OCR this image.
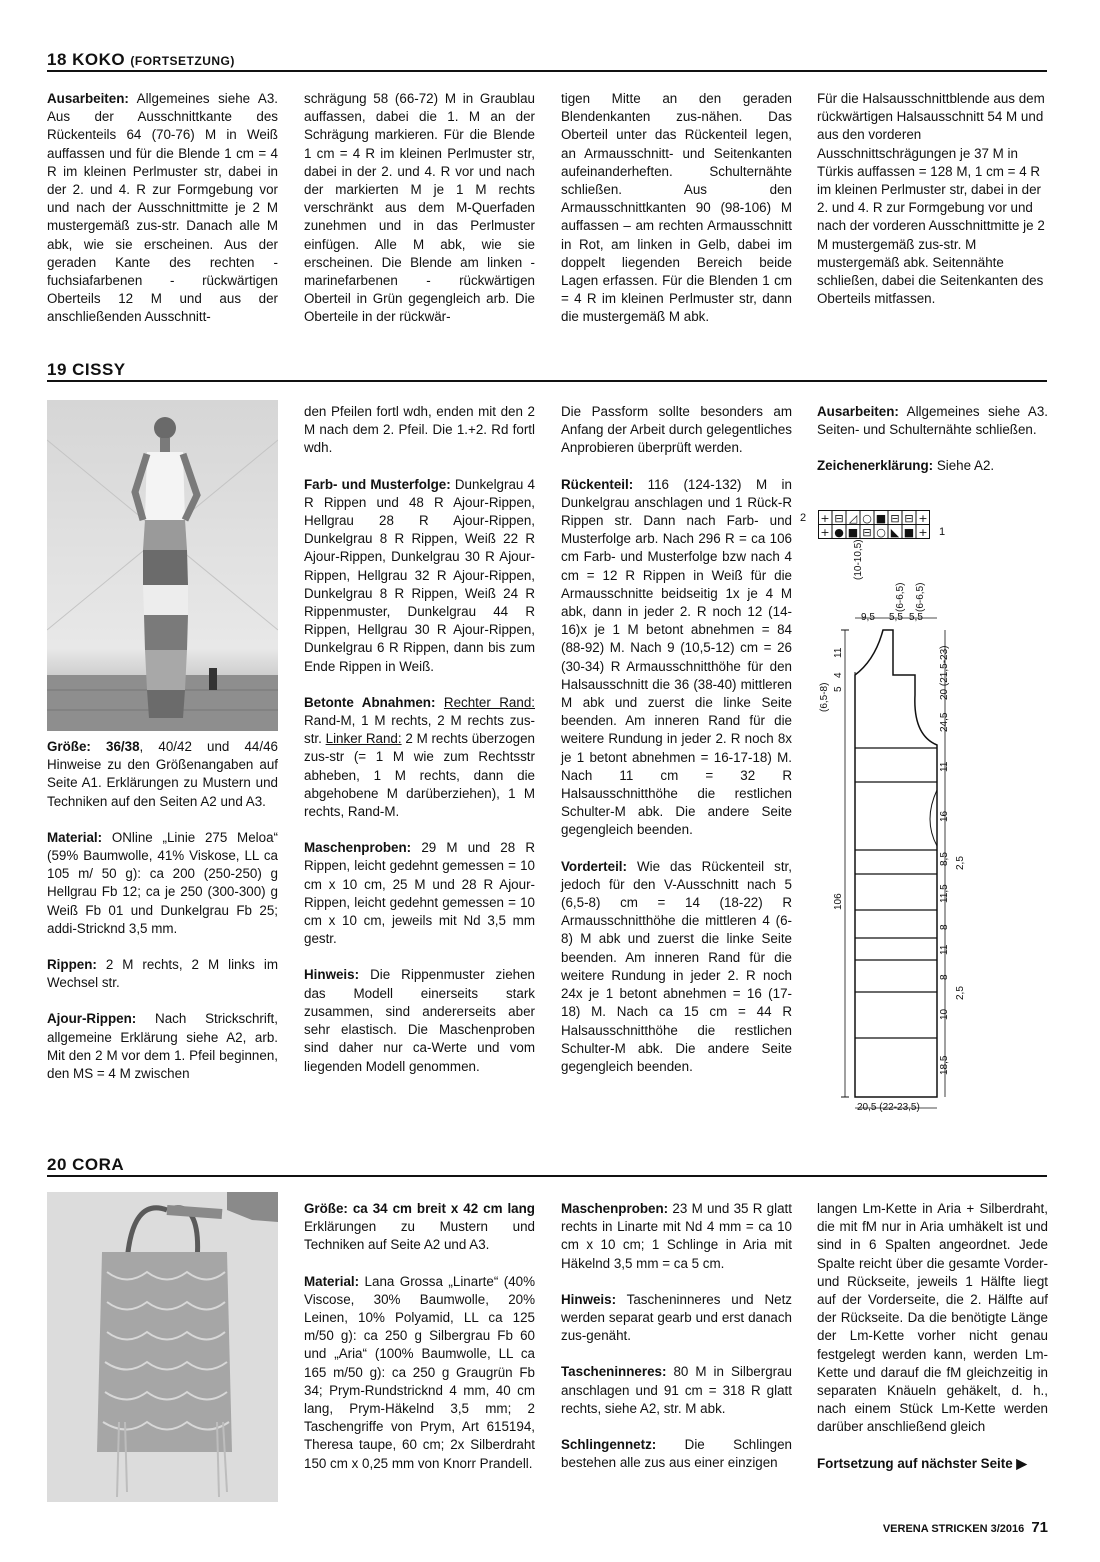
18 KOKO (FORTSETZUNG)
Ausarbeiten: Allgemeines siehe A3. Aus der Ausschnittkante des Rückenteils 64 (70-76) M in Weiß auffassen und für die Blende 1 cm = 4 R im kleinen Perlmuster str, dabei in der 2. und 4. R zur Formgebung vor und nach der Ausschnittmitte je 2 M mustergemäß zus-str. Danach alle M abk, wie sie erscheinen. Aus der geraden Kante des rechten - fuchsiafarbenen - rückwärtigen Oberteils 12 M und aus der anschließenden Ausschnitt-
schrägung 58 (66-72) M in Graublau auffassen, dabei die 1. M an der Schrägung markieren. Für die Blende 1 cm = 4 R im kleinen Perlmuster str, dabei in der 2. und 4. R vor und nach der markierten M je 1 M rechts verschränkt aus dem M-Querfaden zunehmen und in das Perlmuster einfügen. Alle M abk, wie sie erscheinen. Die Blende am linken - marinefarbenen - rückwärtigen Oberteil in Grün gegengleich arb. Die Oberteile in der rückwär-
tigen Mitte an den geraden Blendenkanten zus-nähen. Das Oberteil unter das Rückenteil legen, an Armausschnitt- und Seitenkanten aufeinanderheften. Schulternähte schließen. Aus den Armausschnittkanten 90 (98-106) M auffassen – am rechten Armausschnitt in Rot, am linken in Gelb, dabei im doppelt liegenden Bereich beide Lagen erfassen. Für die Blenden 1 cm = 4 R im kleinen Perlmuster str, dann die mustergemäß M abk.
Für die Halsausschnittblende aus dem rückwärtigen Halsausschnitt 54 M und aus den vorderen Ausschnittschrägungen je 37 M in Türkis auffassen = 128 M, 1 cm = 4 R im kleinen Perlmuster str, dabei in der 2. und 4. R zur Formgebung vor und nach der vorderen Ausschnittmitte je 2 M mustergemäß zus-str. M mustergemäß abk. Seitennähte schließen, dabei die Seitenkanten des Oberteils mitfassen.
19 CISSY

Größe: 36/38, 40/42 und 44/46 Hinweise zu den Größenangaben auf Seite A1. Erklärungen zu Mustern und Techniken auf den Seiten A2 und A3.

Material: ONline „Linie 275 Meloa“ (59% Baumwolle, 41% Viskose, LL ca 105 m/ 50 g): ca 200 (250-250) g Hellgrau Fb 12; ca je 250 (300-300) g Weiß Fb 01 und Dunkelgrau Fb 25; addi-Stricknd 3,5 mm.

Rippen: 2 M rechts, 2 M links im Wechsel str.

Ajour-Rippen: Nach Strickschrift, allgemeine Erklärung siehe A2, arb. Mit den 2 M vor dem 1. Pfeil beginnen, den MS = 4 M zwischen

den Pfeilen fortl wdh, enden mit den 2 M nach dem 2. Pfeil. Die 1.+2. Rd fortl wdh.

Farb- und Musterfolge: Dunkelgrau 4 R Rippen und 48 R Ajour-Rippen, Hellgrau 28 R Ajour-Rippen, Dunkelgrau 8 R Rippen, Weiß 22 R Ajour-Rippen, Dunkelgrau 30 R Ajour-Rippen, Hellgrau 32 R Ajour-Rippen, Dunkelgrau 8 R Rippen, Weiß 24 R Rippenmuster, Dunkelgrau 44 R Rippen, Hellgrau 30 R Ajour-Rippen, Dunkelgrau 6 R Rippen, dann bis zum Ende Rippen in Weiß.

Betonte Abnahmen: Rechter Rand: Rand-M, 1 M rechts, 2 M rechts zus-str. Linker Rand: 2 M rechts überzogen zus-str (= 1 M wie zum Rechtsstr abheben, 1 M rechts, dann die abgehobene M darüberziehen), 1 M rechts, Rand-M.

Maschenproben: 29 M und 28 R Rippen, leicht gedehnt gemessen = 10 cm x 10 cm, 25 M und 28 R Ajour-Rippen, leicht gedehnt gemessen = 10 cm x 10 cm, jeweils mit Nd 3,5 mm gestr.

Hinweis: Die Rippenmuster ziehen das Modell einerseits stark zusammen, sind andererseits aber sehr elastisch. Die Maschenproben sind daher nur ca-Werte und vom liegenden Modell genommen.

Die Passform sollte besonders am Anfang der Arbeit durch gelegentliches Anprobieren überprüft werden.

Rückenteil: 116 (124-132) M in Dunkelgrau anschlagen und 1 Rück-R Rippen str. Dann nach Farb- und Musterfolge arb. Nach 296 R = ca 106 cm Farb- und Musterfolge bzw nach 4 cm = 12 R Rippen in Weiß für die Armausschnitte beidseitig 1x je 4 M abk, dann in jeder 2. R noch 12 (14-16)x je 1 M betont abnehmen = 84 (88-92) M. Nach 9 (10,5-12) cm = 26 (30-34) R Armausschnitthöhe für den Halsausschnitt die 36 (38-40) mittleren M abk und zuerst die linke Seite beenden. Am inneren Rand für die weitere Rundung in jeder 2. R noch 8x je 1 betont abnehmen = 16-17-18) M. Nach 11 cm = 32 R Halsausschnitthöhe die restlichen Schulter-M abk. Die andere Seite gegengleich beenden.

Vorderteil: Wie das Rückenteil str, jedoch für den V-Ausschnitt nach 5 (6,5-8) cm = 14 (18-22) R Armausschnitthöhe die mittleren 4 (6-8) M abk und zuerst die linke Seite beenden. Am inneren Rand für die weitere Rundung in jeder 2. R noch 24x je 1 betont abnehmen = 16 (17-18) M. Nach ca 15 cm = 44 R Halsausschnitthöhe die restlichen Schulter-M abk. Die andere Seite gegengleich beenden.

Ausarbeiten: Allgemeines siehe A3. Seiten- und Schulternähte schließen.

Zeichenerklärung: Siehe A2.

2
1
+ ⊟ ◿ ○ ■ ⊟ ⊟ +
+ ● ■ ⊟ ○ ◣ ■ +
(10-10,5)
(6-6,5) (6-6,5)
9,5 5,5 5,5
(6,5-8) 5
4
11
106
20 (21,5-23)
24,5
11
16
8,5
11,5
8
11
8
10
18,5
2,5
2,5
20,5 (22-23,5)
20 CORA

Größe: ca 34 cm breit x 42 cm lang Erklärungen zu Mustern und Techniken auf Seite A2 und A3.

Material: Lana Grossa „Linarte“ (40% Viscose, 30% Baumwolle, 20% Leinen, 10% Polyamid, LL ca 125 m/50 g): ca 250 g Silbergrau Fb 60 und „Aria“ (100% Baumwolle, LL ca 165 m/50 g): ca 250 g Graugrün Fb 34; Prym-Rundstricknd 4 mm, 40 cm lang, Prym-Häkelnd 3,5 mm; 2 Taschengriffe von Prym, Art 615194, Theresa taupe, 60 cm; 2x Silberdraht 150 cm x 0,25 mm von Knorr Prandell.

Maschenproben: 23 M und 35 R glatt rechts in Linarte mit Nd 4 mm = ca 10 cm x 10 cm; 1 Schlinge in Aria mit Häkelnd 3,5 mm = ca 5 cm.

Hinweis: Tascheninneres und Netz werden separat gearb und erst danach zus-genäht.

Tascheninneres: 80 M in Silbergrau anschlagen und 91 cm = 318 R glatt rechts, siehe A2, str. M abk.

Schlingennetz: Die Schlingen bestehen alle zus aus einer einzigen

langen Lm-Kette in Aria + Silberdraht, die mit fM nur in Aria umhäkelt ist und sind in 6 Spalten angeordnet. Jede Spalte reicht über die gesamte Vorder- und Rückseite, jeweils 1 Hälfte liegt auf der Vorderseite, die 2. Hälfte auf der Rückseite. Da die benötigte Länge der Lm-Kette vorher nicht genau festgelegt werden kann, werden Lm-Kette und darauf die fM gleichzeitig in separaten Knäueln gehäkelt, d. h., nach einem Stück Lm-Kette werden darüber anschließend gleich

Fortsetzung auf nächster Seite ▶

VERENA STRICKEN 3/2016 71
